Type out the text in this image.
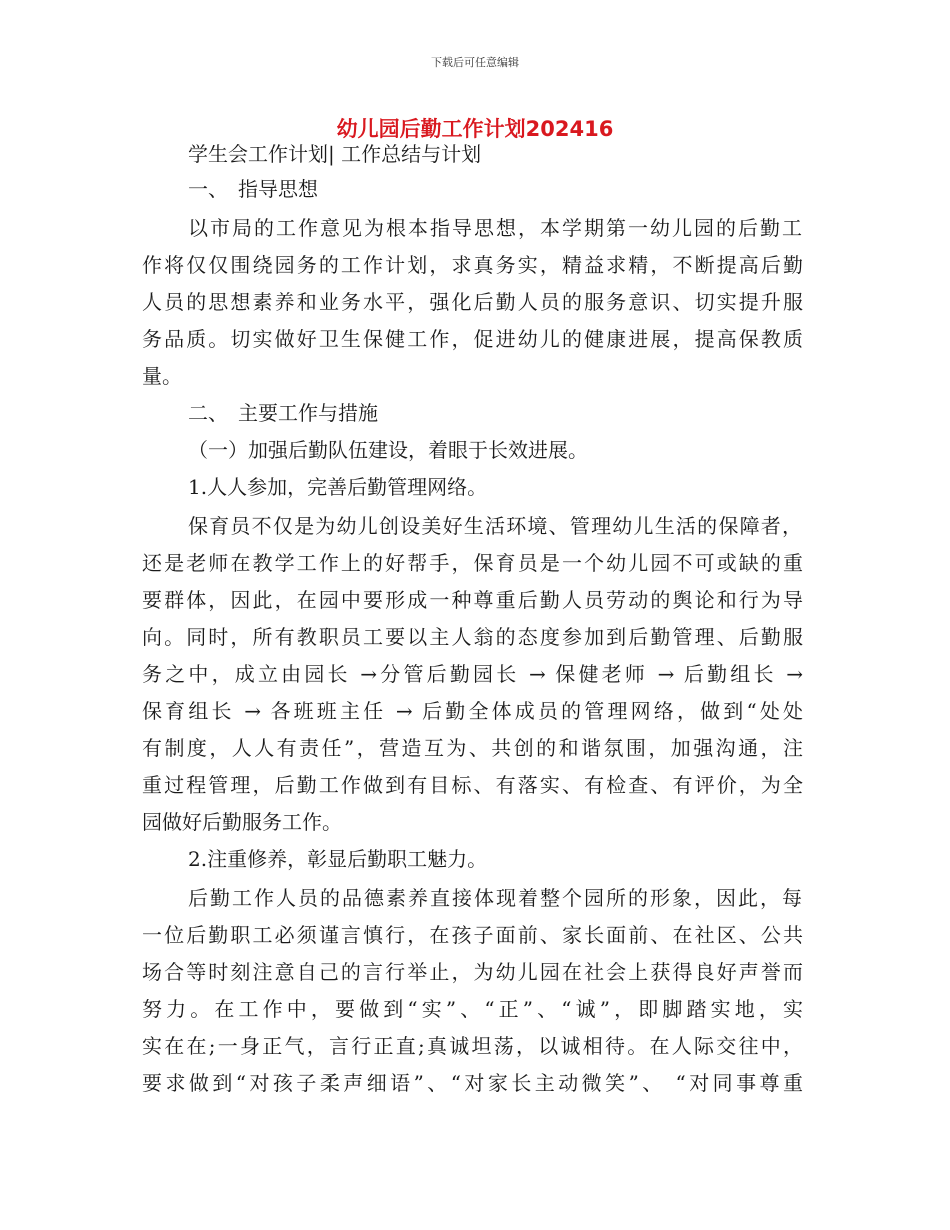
下载后可任意编辑
幼儿园后勤工作计划202416
学生会工作计划| 工作总结与计划
一、　指导思想
以市局的工作意见为根本指导思想，本学期第一幼儿园的后勤工
作将仅仅围绕园务的工作计划，求真务实，精益求精，不断提高后勤
人员的思想素养和业务水平，强化后勤人员的服务意识、切实提升服
务品质。切实做好卫生保健工作，促进幼儿的健康进展，提高保教质
量。
二、　主要工作与措施
（一）加强后勤队伍建设，着眼于长效进展。
1.人人参加，完善后勤管理网络。
保育员不仅是为幼儿创设美好生活环境、管理幼儿生活的保障者，
还是老师在教学工作上的好帮手，保育员是一个幼儿园不可或缺的重
要群体，因此，在园中要形成一种尊重后勤人员劳动的舆论和行为导
向。同时，所有教职员工要以主人翁的态度参加到后勤管理、后勤服
务之中，成立由园长 →分管后勤园长 → 保健老师 → 后勤组长 →
保育组长 → 各班班主任 → 后勤全体成员的管理网络，做到“处处
有制度，人人有责任”，营造互为、共创的和谐氛围，加强沟通，注
重过程管理，后勤工作做到有目标、有落实、有检查、有评价，为全
园做好后勤服务工作。
2.注重修养，彰显后勤职工魅力。
后勤工作人员的品德素养直接体现着整个园所的形象，因此，每
一位后勤职工必须谨言慎行，在孩子面前、家长面前、在社区、公共
场合等时刻注意自己的言行举止，为幼儿园在社会上获得良好声誉而
努力。在工作中，要做到“实”、“正”、“诚”，即脚踏实地，实
实在在;一身正气，言行正直;真诚坦荡，以诚相待。在人际交往中，
要求做到“对孩子柔声细语”、“对家长主动微笑”、 “对同事尊重
